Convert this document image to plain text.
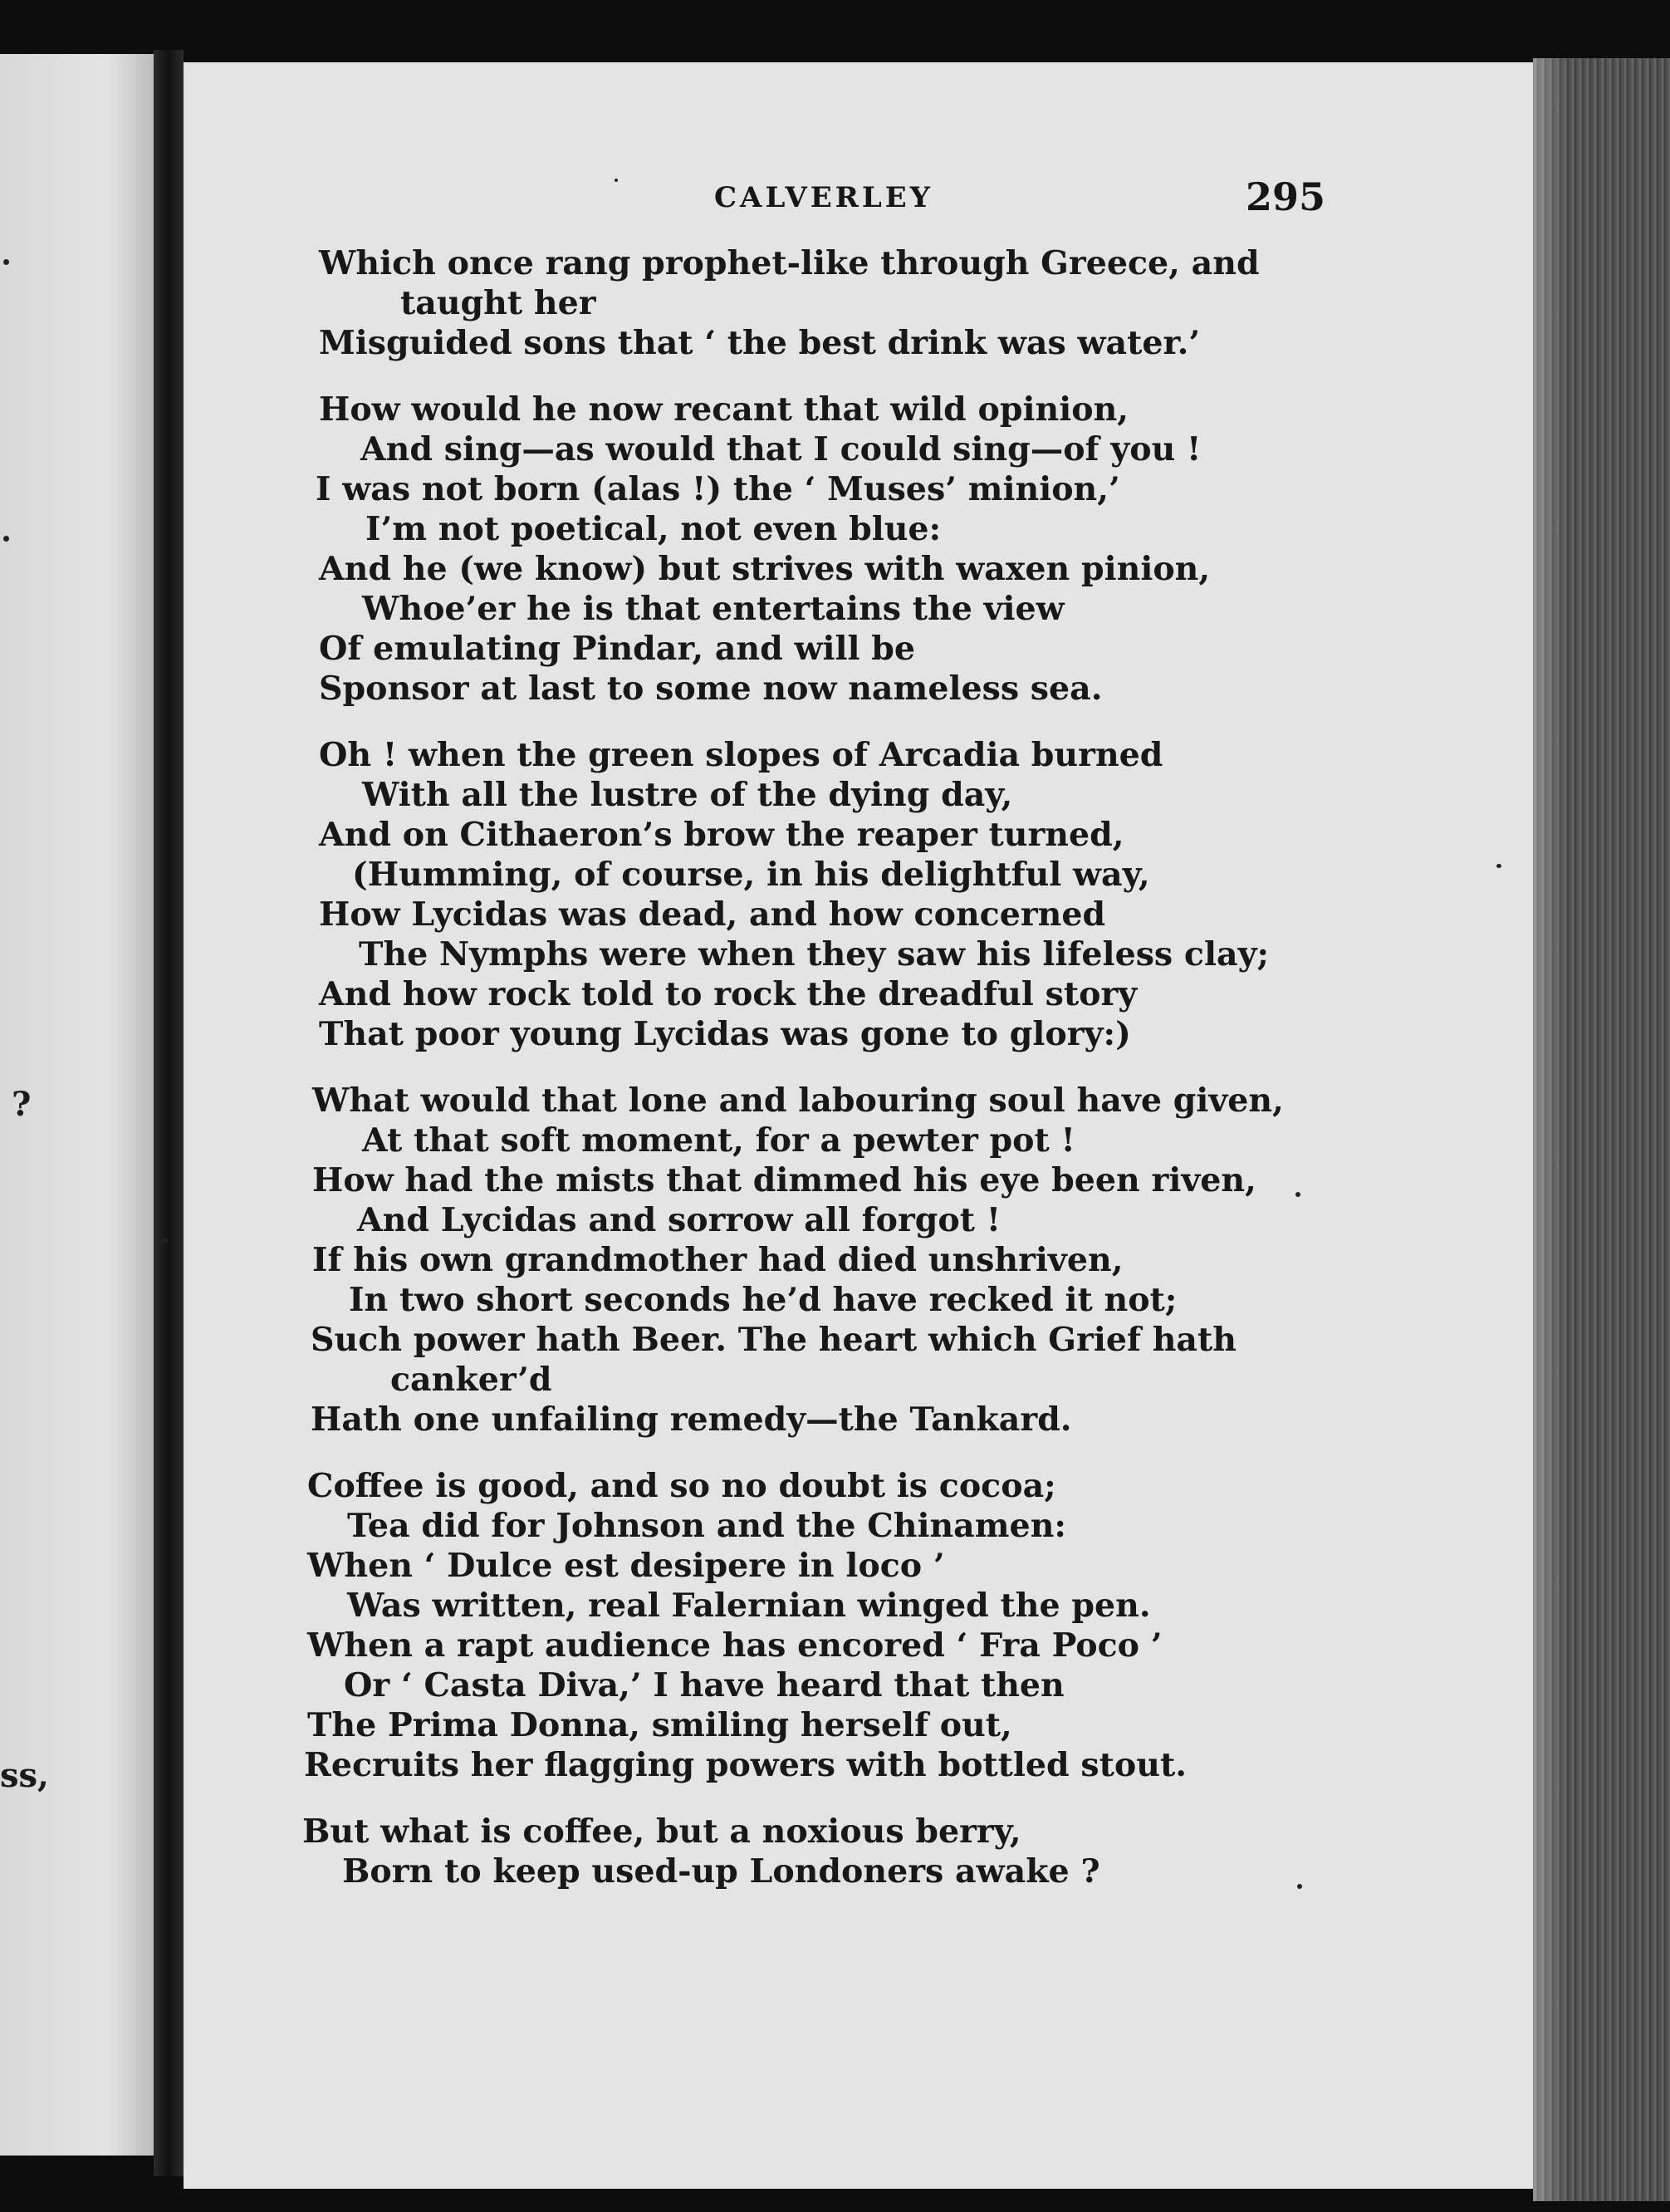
?
ss,
CALVERLEY	295
Which once rang prophet-like through Greece, and
taught her
Misguided sons that ‘ the best drink was water.’
How would he now recant that wild opinion,
And sing—as would that I could sing—of you !
I was not born (alas !) the ‘ Muses’ minion,’
I’m not poetical, not even blue:
And he (we know) but strives with waxen pinion,
Whoe’er he is that entertains the view
Of emulating Pindar, and will be
Sponsor at last to some now nameless sea.
Oh ! when the green slopes of Arcadia burned
With all the lustre of the dying day,
And on Cithaeron’s brow the reaper turned,
(Humming, of course, in his delightful way,
How Lycidas was dead, and how concerned
The Nymphs were when they saw his lifeless clay;
And how rock told to rock the dreadful story
That poor young Lycidas was gone to glory:)
What would that lone and labouring soul have given,
At that soft moment, for a pewter pot !
How had the mists that dimmed his eye been riven,
And Lycidas and sorrow all forgot !
If his own grandmother had died unshriven,
In two short seconds he’d have recked it not;
Such power hath Beer. The heart which Grief hath
canker’d
Hath one unfailing remedy—the Tankard.
Coffee is good, and so no doubt is cocoa;
Tea did for Johnson and the Chinamen:
When ‘ Dulce est desipere in loco ’
Was written, real Falernian winged the pen.
When a rapt audience has encored ‘ Fra Poco ’
Or ‘ Casta Diva,’ I have heard that then
The Prima Donna, smiling herself out,
Recruits her flagging powers with bottled stout.
But what is coffee, but a noxious berry,
Born to keep used-up Londoners awake ?
